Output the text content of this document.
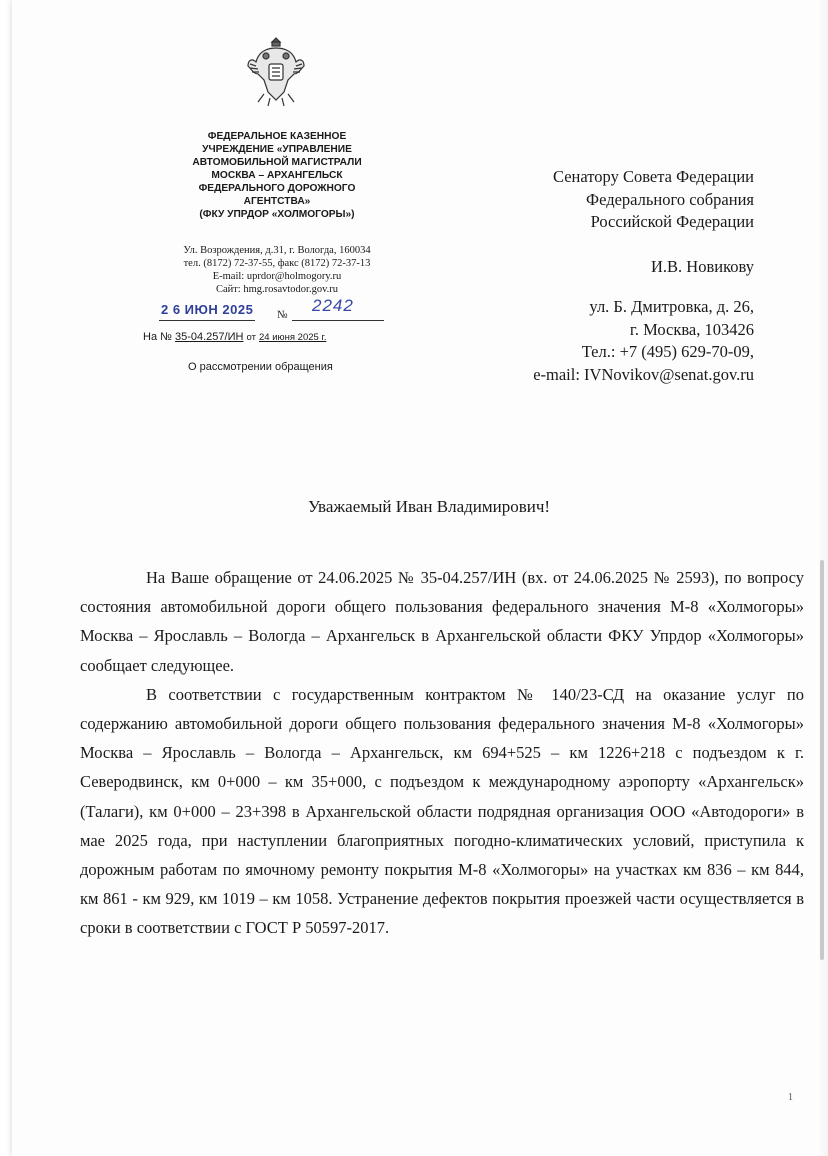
ФЕДЕРАЛЬНОЕ КАЗЕННОЕ
УЧРЕЖДЕНИЕ «УПРАВЛЕНИЕ
АВТОМОБИЛЬНОЙ МАГИСТРАЛИ
МОСКВА – АРХАНГЕЛЬСК
ФЕДЕРАЛЬНОГО ДОРОЖНОГО
АГЕНТСТВА»
(ФКУ УПРДОР «ХОЛМОГОРЫ»)
Ул. Возрождения, д.31, г. Вологда, 160034
тел. (8172) 72-37-55, факс (8172) 72-37-13
E-mail: uprdor@holmogory.ru
Сайт: hmg.rosavtodor.gov.ru
2 6 ИЮН 2025 № 2242
На № 35-04.257/ИН от 24 июня 2025 г.
О рассмотрении обращения
Сенатору Совета Федерации
Федерального собрания
Российской Федерации
И.В. Новикову
ул. Б. Дмитровка, д. 26,
г. Москва, 103426
Тел.: +7 (495) 629-70-09,
e-mail: IVNovikov@senat.gov.ru
Уважаемый Иван Владимирович!

На Ваше обращение от 24.06.2025 № 35-04.257/ИН (вх. от 24.06.2025 № 2593), по вопросу состояния автомобильной дороги общего пользования федерального значения М-8 «Холмогоры» Москва – Ярославль – Вологда – Архангельск в Архангельской области ФКУ Упрдор «Холмогоры» сообщает следующее.

В соответствии с государственным контрактом № 140/23-СД на оказание услуг по содержанию автомобильной дороги общего пользования федерального значения М-8 «Холмогоры» Москва – Ярославль – Вологда – Архангельск, км 694+525 – км 1226+218 с подъездом к г. Северодвинск, км 0+000 – км 35+000, с подъездом к международному аэропорту «Архангельск» (Талаги), км 0+000 – 23+398 в Архангельской области подрядная организация ООО «Автодороги» в мае 2025 года, при наступлении благоприятных погодно-климатических условий, приступила к дорожным работам по ямочному ремонту покрытия М-8 «Холмогоры» на участках км 836 – км 844, км 861 - км 929, км 1019 – км 1058. Устранение дефектов покрытия проезжей части осуществляется в сроки в соответствии с ГОСТ Р 50597-2017.

1
